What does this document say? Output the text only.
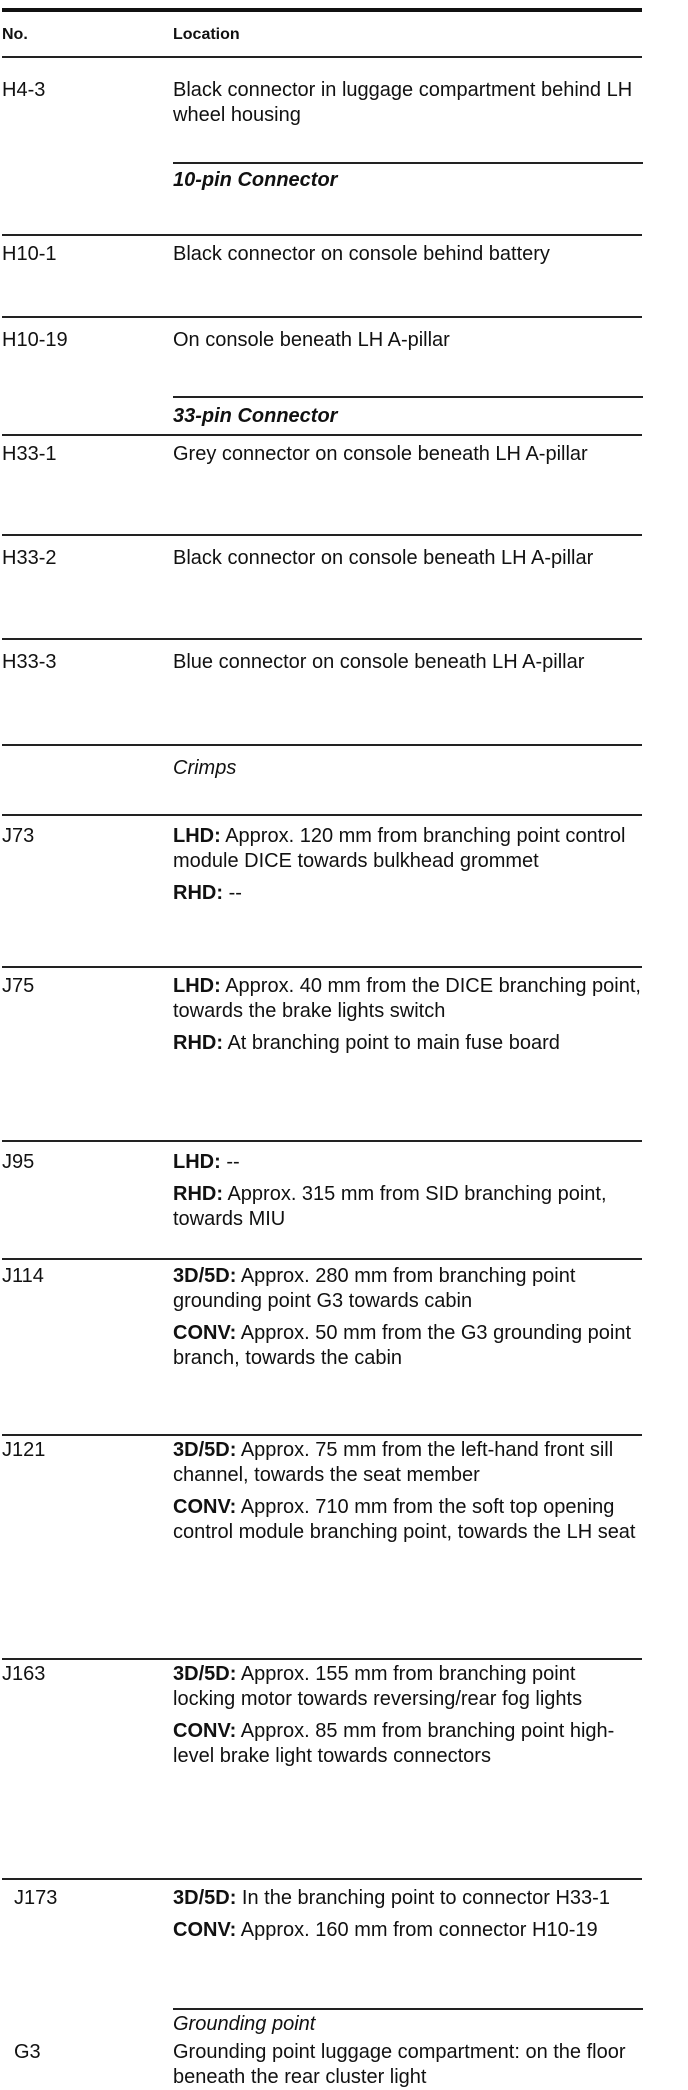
No.	Location
H4-3	Black connector in luggage compartment behind LH wheel housing
10-pin Connector
H10-1	Black connector on console behind battery
H10-19	On console beneath LH A-pillar
33-pin Connector
H33-1	Grey connector on console beneath LH A-pillar
H33-2	Black connector on console beneath LH A-pillar
H33-3	Blue connector on console beneath LH A-pillar
Crimps
J73	LHD: Approx. 120 mm from branching point control module DICE towards bulkhead grommet
RHD: --
J75	LHD: Approx. 40 mm from the DICE branching point, towards the brake lights switch
RHD: At branching point to main fuse board
J95	LHD: --
RHD: Approx. 315 mm from SID branching point, towards MIU
J114	3D/5D: Approx. 280 mm from branching point grounding point G3 towards cabin
CONV: Approx. 50 mm from the G3 grounding point branch, towards the cabin
J121	3D/5D: Approx. 75 mm from the left-hand front sill channel, towards the seat member
CONV: Approx. 710 mm from the soft top opening control module branching point, towards the LH seat
J163	3D/5D: Approx. 155 mm from branching point locking motor towards reversing/rear fog lights
CONV: Approx. 85 mm from branching point high-level brake light towards connectors
J173	3D/5D: In the branching point to connector H33-1
CONV: Approx. 160 mm from connector H10-19
Grounding point
G3	Grounding point luggage compartment: on the floor beneath the rear cluster light
